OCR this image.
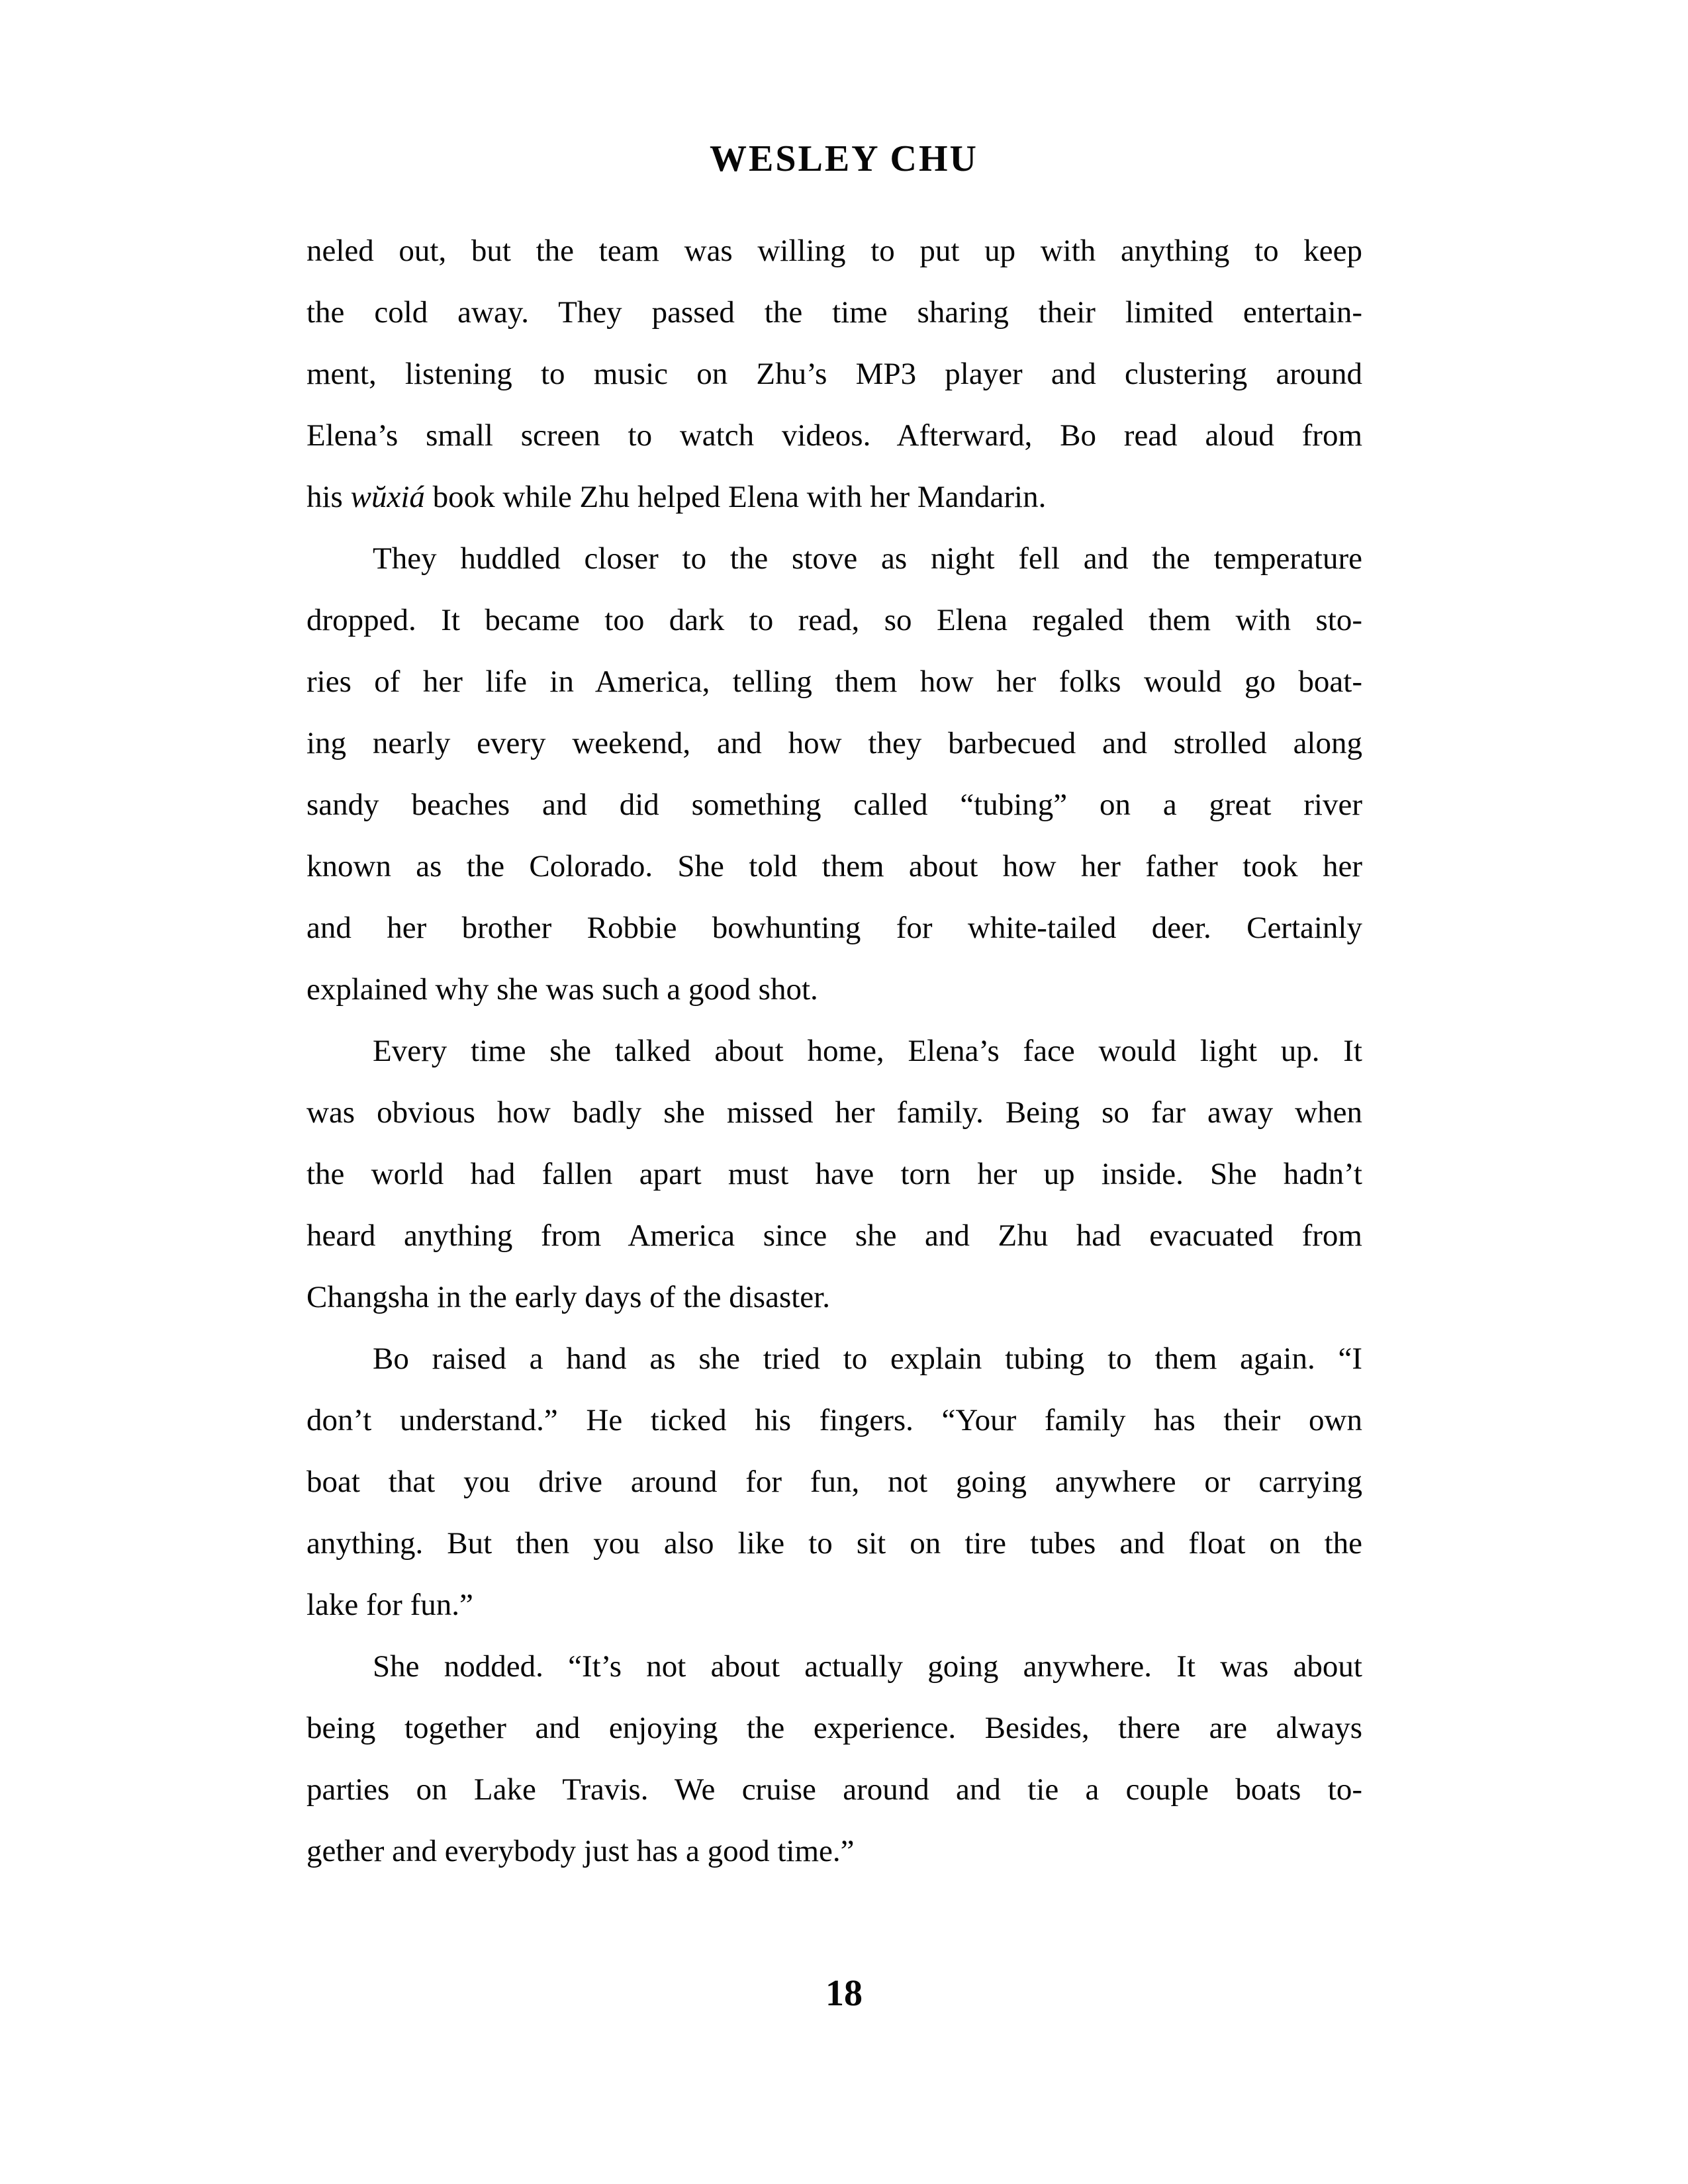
WESLEY CHU
neled out, but the team was willing to put up with anything to keep
the cold away. They passed the time sharing their limited entertain-
ment, listening to music on Zhu’s MP3 player and clustering around
Elena’s small screen to watch videos. Afterward, Bo read aloud from
his wŭxiá book while Zhu helped Elena with her Mandarin.
They huddled closer to the stove as night fell and the temperature
dropped. It became too dark to read, so Elena regaled them with sto-
ries of her life in America, telling them how her folks would go boat-
ing nearly every weekend, and how they barbecued and strolled along
sandy beaches and did something called “tubing” on a great river
known as the Colorado. She told them about how her father took her
and her brother Robbie bowhunting for white-tailed deer. Certainly
explained why she was such a good shot.
Every time she talked about home, Elena’s face would light up. It
was obvious how badly she missed her family. Being so far away when
the world had fallen apart must have torn her up inside. She hadn’t
heard anything from America since she and Zhu had evacuated from
Changsha in the early days of the disaster.
Bo raised a hand as she tried to explain tubing to them again. “I
don’t understand.” He ticked his fingers. “Your family has their own
boat that you drive around for fun, not going anywhere or carrying
anything. But then you also like to sit on tire tubes and float on the
lake for fun.”
She nodded. “It’s not about actually going anywhere. It was about
being together and enjoying the experience. Besides, there are always
parties on Lake Travis. We cruise around and tie a couple boats to-
gether and everybody just has a good time.”
18
